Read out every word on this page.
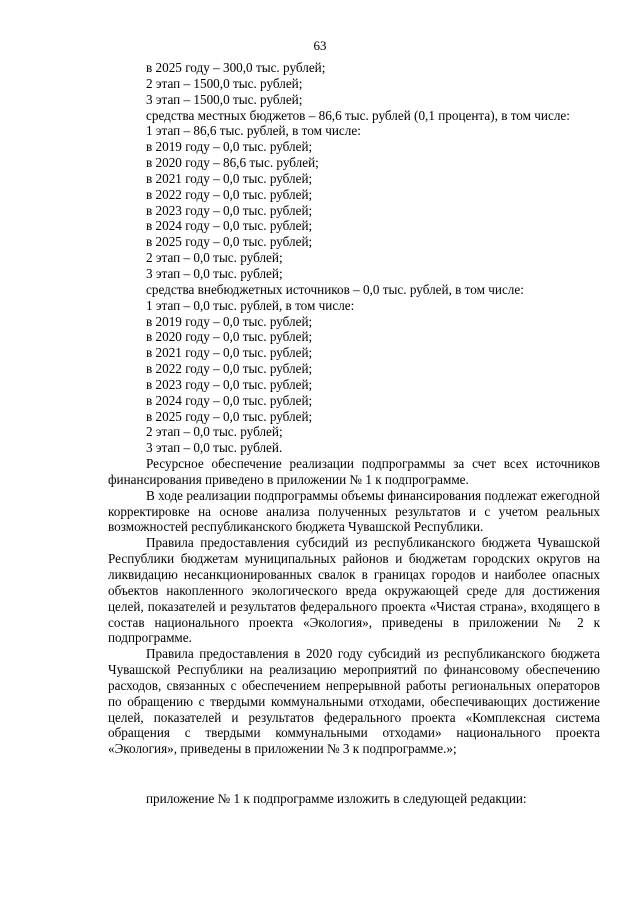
63

в 2025 году – 300,0 тыс. рублей;

2 этап – 1500,0 тыс. рублей;

3 этап – 1500,0 тыс. рублей;

средства местных бюджетов – 86,6 тыс. рублей (0,1 процента), в том числе:

1 этап – 86,6 тыс. рублей, в том числе:

в 2019 году – 0,0 тыс. рублей;

в 2020 году – 86,6 тыс. рублей;

в 2021 году – 0,0 тыс. рублей;

в 2022 году – 0,0 тыс. рублей;

в 2023 году – 0,0 тыс. рублей;

в 2024 году – 0,0 тыс. рублей;

в 2025 году – 0,0 тыс. рублей;

2 этап – 0,0 тыс. рублей;

3 этап – 0,0 тыс. рублей;

средства внебюджетных источников – 0,0 тыс. рублей, в том числе:

1 этап – 0,0 тыс. рублей, в том числе:

в 2019 году – 0,0 тыс. рублей;

в 2020 году – 0,0 тыс. рублей;

в 2021 году – 0,0 тыс. рублей;

в 2022 году – 0,0 тыс. рублей;

в 2023 году – 0,0 тыс. рублей;

в 2024 году – 0,0 тыс. рублей;

в 2025 году – 0,0 тыс. рублей;

2 этап – 0,0 тыс. рублей;

3 этап – 0,0 тыс. рублей.

Ресурсное обеспечение реализации подпрограммы за счет всех источников финансирования приведено в приложении № 1 к подпрограмме.

В ходе реализации подпрограммы объемы финансирования подлежат ежегодной корректировке на основе анализа полученных результатов и с учетом реальных возможностей республиканского бюджета Чувашской Республики.

Правила предоставления субсидий из республиканского бюджета Чувашской Республики бюджетам муниципальных районов и бюджетам городских округов на ликвидацию несанкционированных свалок в границах городов и наиболее опасных объектов накопленного экологического вреда окружающей среде для достижения целей, показателей и результатов федерального проекта «Чистая страна», входящего в состав национального проекта «Экология», приведены в приложении № 2 к подпрограмме.

Правила предоставления в 2020 году субсидий из республиканского бюджета Чувашской Республики на реализацию мероприятий по финансовому обеспечению расходов, связанных с обеспечением непрерывной работы региональных операторов по обращению с твердыми коммунальными отходами, обеспечивающих достижение целей, показателей и результатов федерального проекта «Комплексная система обращения с твердыми коммунальными отходами» национального проекта «Экология», приведены в приложении № 3 к подпрограмме.»;

приложение № 1 к подпрограмме изложить в следующей редакции:
